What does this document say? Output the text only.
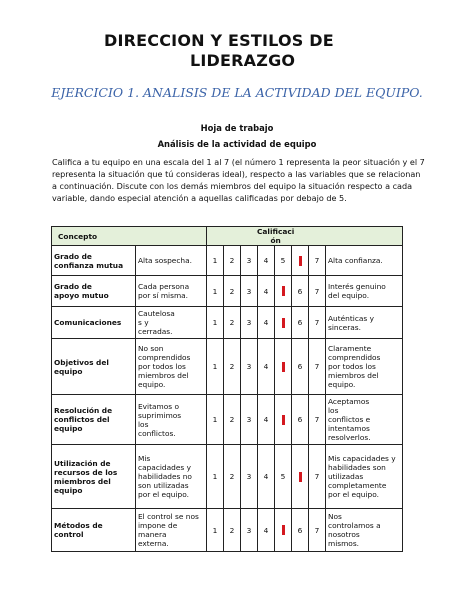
DIRECCION Y ESTILOS DE
LIDERAZGO
EJERCICIO 1. ANALISIS DE LA ACTIVIDAD DEL EQUIPO.
Hoja de trabajo
Análisis de la actividad de equipo
Califica a tu equipo en una escala del 1 al 7 (el número 1 representa la peor situación y el 7 representa la situación que tú consideras ideal), respecto a las variables que se relacionan a continuación. Discute con los demás miembros del equipo la situación respecto a cada variable, dando especial atención a aquellas calificadas por debajo de 5.
Concepto		Calificaci
ón							
Grado de
confianza mutua	Alta sospecha.	1	2	3	4	5		7	Alta confianza.
Grado de
apoyo mutuo	Cada persona
por sí misma.	1	2	3	4		6	7	Interés genuino
del equipo.
Comunicaciones	Cautelosa
s y
cerradas.	1	2	3	4		6	7	Auténticas y
sinceras.
Objetivos del equipo	No son
comprendidos
por todos los
miembros del
equipo.	1	2	3	4		6	7	Claramente
comprendidos
por todos los
miembros del
equipo.
Resolución de
conflictos del
equipo	Evitamos o
suprimimos
los
conflictos.	1	2	3	4		6	7	Aceptamos
los
conflictos e
intentamos
resolverlos.
Utilización de
recursos de los
miembros del
equipo	Mis
capacidades y
habilidades no
son utilizadas
por el equipo.	1	2	3	4	5		7	Mis capacidades y
habilidades son
utilizadas
completamente
por el equipo.
Métodos de control	El control se nos
impone de
manera
externa.	1	2	3	4		6	7	Nos
controlamos a
nosotros
mismos.
